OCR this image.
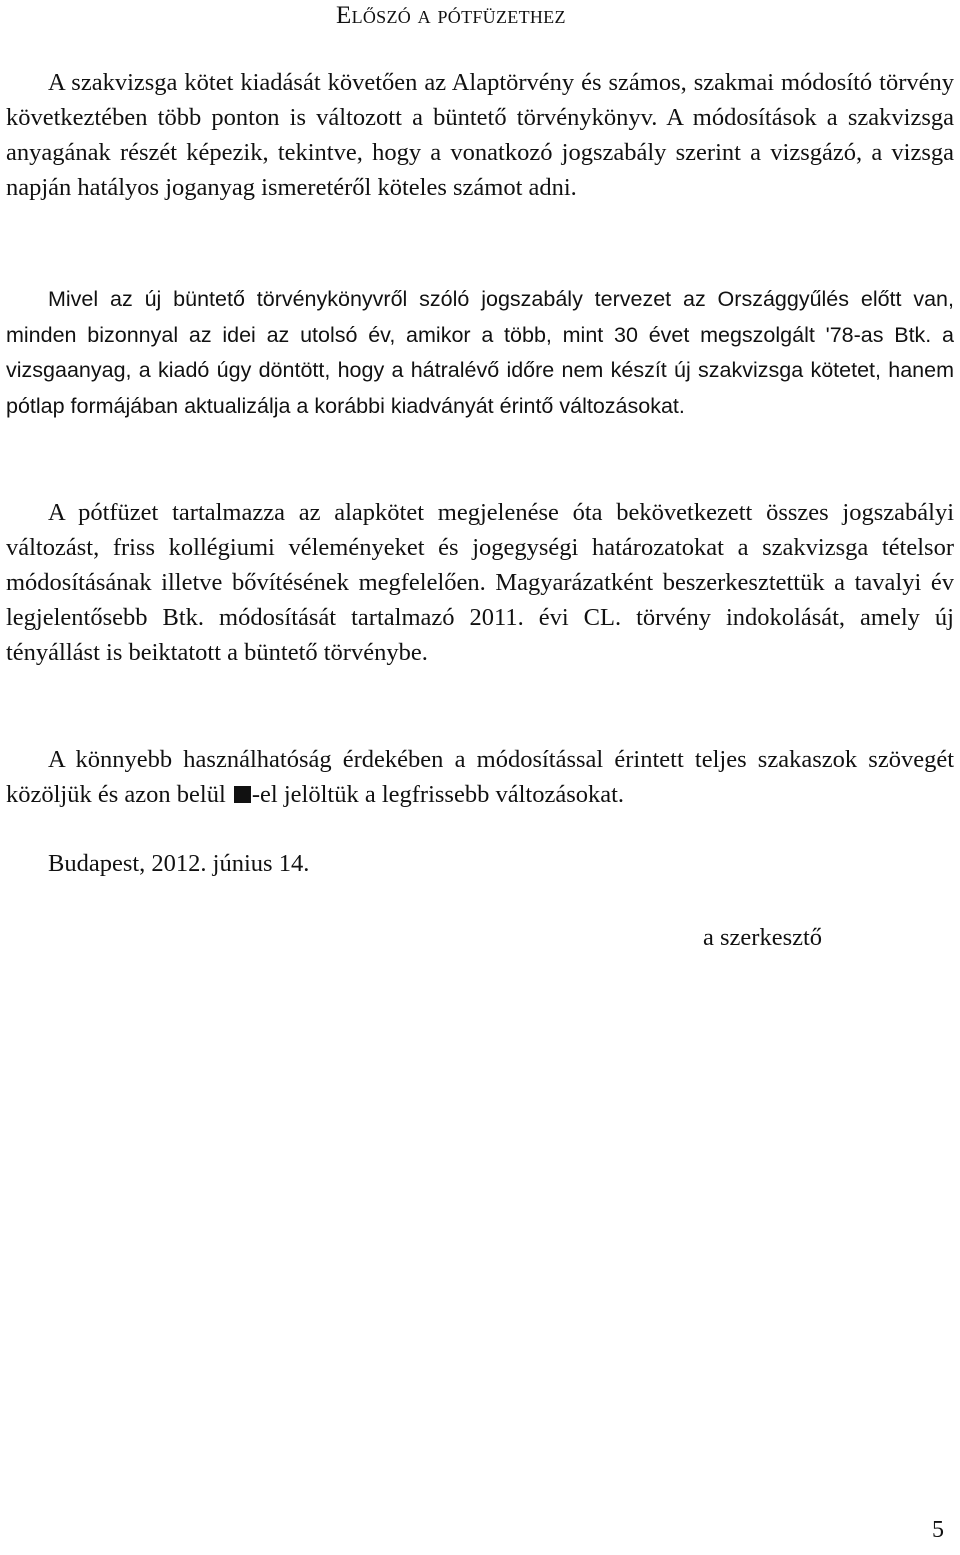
Előszó a pótfüzethez

A szakvizsga kötet kiadását követően az Alaptörvény és számos, szakmai módosító törvény következtében több ponton is változott a büntető törvénykönyv. A módosítások a szakvizsga anyagának részét képezik, tekintve, hogy a vonatkozó jogszabály szerint a vizsgázó, a vizsga napján hatályos joganyag ismeretéről köteles számot adni.

Mivel az új büntető törvénykönyvről szóló jogszabály tervezet az Országgyűlés előtt van, minden bizonnyal az idei az utolsó év, amikor a több, mint 30 évet megszolgált '78-as Btk. a vizsgaanyag, a kiadó úgy döntött, hogy a hátralévő időre nem készít új szakvizsga kötetet, hanem pótlap formájában aktualizálja a korábbi kiadványát érintő változásokat.

A pótfüzet tartalmazza az alapkötet megjelenése óta bekövetkezett összes jogszabályi változást, friss kollégiumi véleményeket és jogegységi határozatokat a szakvizsga tételsor módosításának illetve bővítésének megfelelően. Magyarázatként beszerkesztettük a tavalyi év legjelentősebb Btk. módosítását tartalmazó 2011. évi CL. törvény indokolását, amely új tényállást is beiktatott a büntető törvénybe.

A könnyebb használhatóság érdekében a módosítással érintett teljes szakaszok szövegét közöljük és azon belül -el jelöltük a legfrissebb változásokat.

Budapest, 2012. június 14.

a szerkesztő

5
